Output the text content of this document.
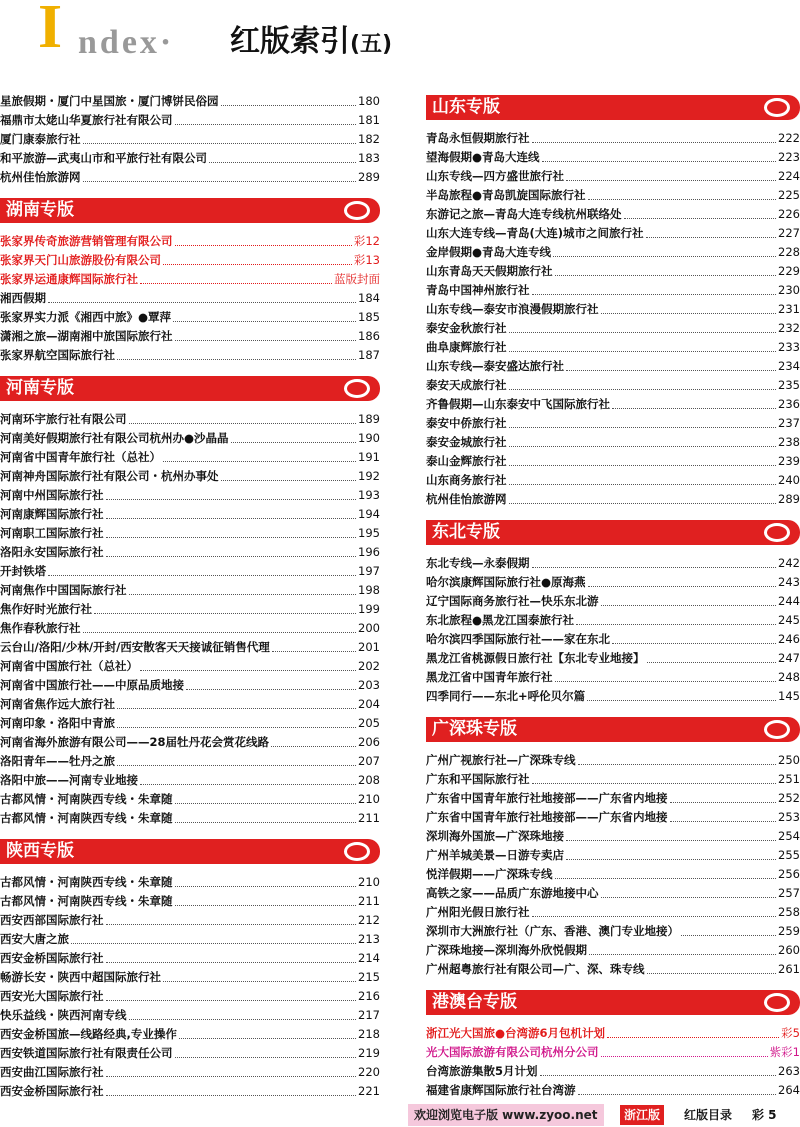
I ndex· 红版索引(五)
星旅假期・厦门中星国旅・厦门博饼民俗园	180
福鼎市太姥山华夏旅行社有限公司	181
厦门康泰旅行社	182
和平旅游—武夷山市和平旅行社有限公司	183
杭州佳怡旅游网	289
湖南专版
张家界传奇旅游营销管理有限公司	彩12
张家界天门山旅游股份有限公司	彩13
张家界运通康辉国际旅行社	蓝版封面
湘西假期	184
张家界实力派《湘西中旅》●覃萍	185
潇湘之旅—湖南湘中旅国际旅行社	186
张家界航空国际旅行社	187
河南专版
河南环宇旅行社有限公司	189
河南美好假期旅行社有限公司杭州办●沙晶晶	190
河南省中国青年旅行社（总社）	191
河南神舟国际旅行社有限公司・杭州办事处	192
河南中州国际旅行社	193
河南康辉国际旅行社	194
河南职工国际旅行社	195
洛阳永安国际旅行社	196
开封铁塔	197
河南焦作中国国际旅行社	198
焦作好时光旅行社	199
焦作春秋旅行社	200
云台山/洛阳/少林/开封/西安散客天天接诚征销售代理	201
河南省中国旅行社（总社）	202
河南省中国旅行社——中原品质地接	203
河南省焦作远大旅行社	204
河南印象・洛阳中青旅	205
河南省海外旅游有限公司——28届牡丹花会赏花线路	206
洛阳青年——牡丹之旅	207
洛阳中旅——河南专业地接	208
古都风情・河南陕西专线・朱章随	210
古都风情・河南陕西专线・朱章随	211
陕西专版
古都风情・河南陕西专线・朱章随	210
古都风情・河南陕西专线・朱章随	211
西安西部国际旅行社	212
西安大唐之旅	213
西安金桥国际旅行社	214
畅游长安・陕西中超国际旅行社	215
西安光大国际旅行社	216
快乐益线・陕西河南专线	217
西安金桥国旅—线路经典,专业操作	218
西安铁道国际旅行社有限责任公司	219
西安曲江国际旅行社	220
西安金桥国际旅行社	221
山东专版
青岛永恒假期旅行社	222
望海假期●青岛大连线	223
山东专线—四方盛世旅行社	224
半岛旅程●青岛凯旋国际旅行社	225
东游记之旅—青岛大连专线杭州联络处	226
山东大连专线—青岛(大连)城市之间旅行社	227
金岸假期●青岛大连专线	228
山东青岛天天假期旅行社	229
青岛中国神州旅行社	230
山东专线—泰安市浪漫假期旅行社	231
泰安金秋旅行社	232
曲阜康辉旅行社	233
山东专线—泰安盛达旅行社	234
泰安天成旅行社	235
齐鲁假期—山东泰安中飞国际旅行社	236
泰安中侨旅行社	237
泰安金城旅行社	238
泰山金辉旅行社	239
山东商务旅行社	240
杭州佳怡旅游网	289
东北专版
东北专线—永泰假期	242
哈尔滨康辉国际旅行社●原海燕	243
辽宁国际商务旅行社—快乐东北游	244
东北旅程●黑龙江国泰旅行社	245
哈尔滨四季国际旅行社——家在东北	246
黑龙江省桃源假日旅行社【东北专业地接】	247
黑龙江省中国青年旅行社	248
四季同行——东北+呼伦贝尔篇	145
广深珠专版
广州广视旅行社—广深珠专线	250
广东和平国际旅行社	251
广东省中国青年旅行社地接部——广东省内地接	252
广东省中国青年旅行社地接部——广东省内地接	253
深圳海外国旅—广深珠地接	254
广州羊城美景—日游专卖店	255
悦洋假期——广深珠专线	256
高铁之家——品质广东游地接中心	257
广州阳光假日旅行社	258
深圳市大洲旅行社（广东、香港、澳门专业地接）	259
广深珠地接—深圳海外欣悦假期	260
广州超粤旅行社有限公司—广、深、珠专线	261
港澳台专版
浙江光大国旅●台湾游6月包机计划	彩5
光大国际旅游有限公司杭州分公司	紫彩1
台湾旅游集散5月计划	263
福建省康辉国际旅行社台湾游	264
欢迎浏览电子版 www.zyoo.net	浙江版	红版目录 彩 5
